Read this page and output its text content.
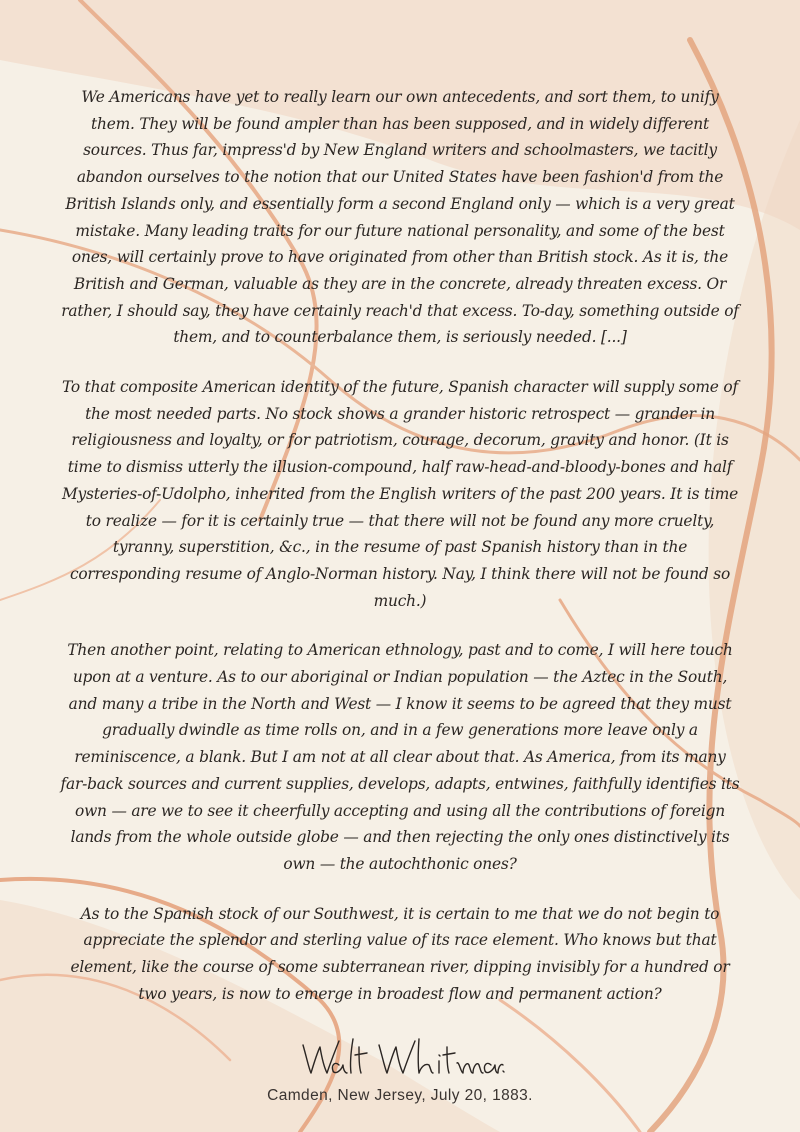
We Americans have yet to really learn our own antecedents, and sort them, to unify them. They will be found ampler than has been supposed, and in widely different sources. Thus far, impress'd by New England writers and schoolmasters, we tacitly abandon ourselves to the notion that our United States have been fashion'd from the British Islands only, and essentially form a second England only — which is a very great mistake. Many leading traits for our future national personality, and some of the best ones, will certainly prove to have originated from other than British stock. As it is, the British and German, valuable as they are in the concrete, already threaten excess. Or rather, I should say, they have certainly reach'd that excess. To-day, something outside of them, and to counterbalance them, is seriously needed. [...]

To that composite American identity of the future, Spanish character will supply some of the most needed parts. No stock shows a grander historic retrospect — grander in religiousness and loyalty, or for patriotism, courage, decorum, gravity and honor. (It is time to dismiss utterly the illusion-compound, half raw-head-and-bloody-bones and half Mysteries-of-Udolpho, inherited from the English writers of the past 200 years. It is time to realize — for it is certainly true — that there will not be found any more cruelty, tyranny, superstition, &c., in the resume of past Spanish history than in the corresponding resume of Anglo-Norman history. Nay, I think there will not be found so much.)

Then another point, relating to American ethnology, past and to come, I will here touch upon at a venture. As to our aboriginal or Indian population — the Aztec in the South, and many a tribe in the North and West — I know it seems to be agreed that they must gradually dwindle as time rolls on, and in a few generations more leave only a reminiscence, a blank. But I am not at all clear about that. As America, from its many far-back sources and current supplies, develops, adapts, entwines, faithfully identifies its own — are we to see it cheerfully accepting and using all the contributions of foreign lands from the whole outside globe — and then rejecting the only ones distinctively its own — the autochthonic ones?

As to the Spanish stock of our Southwest, it is certain to me that we do not begin to appreciate the splendor and sterling value of its race element. Who knows but that element, like the course of some subterranean river, dipping invisibly for a hundred or two years, is now to emerge in broadest flow and permanent action?

Camden, New Jersey, July 20, 1883.
